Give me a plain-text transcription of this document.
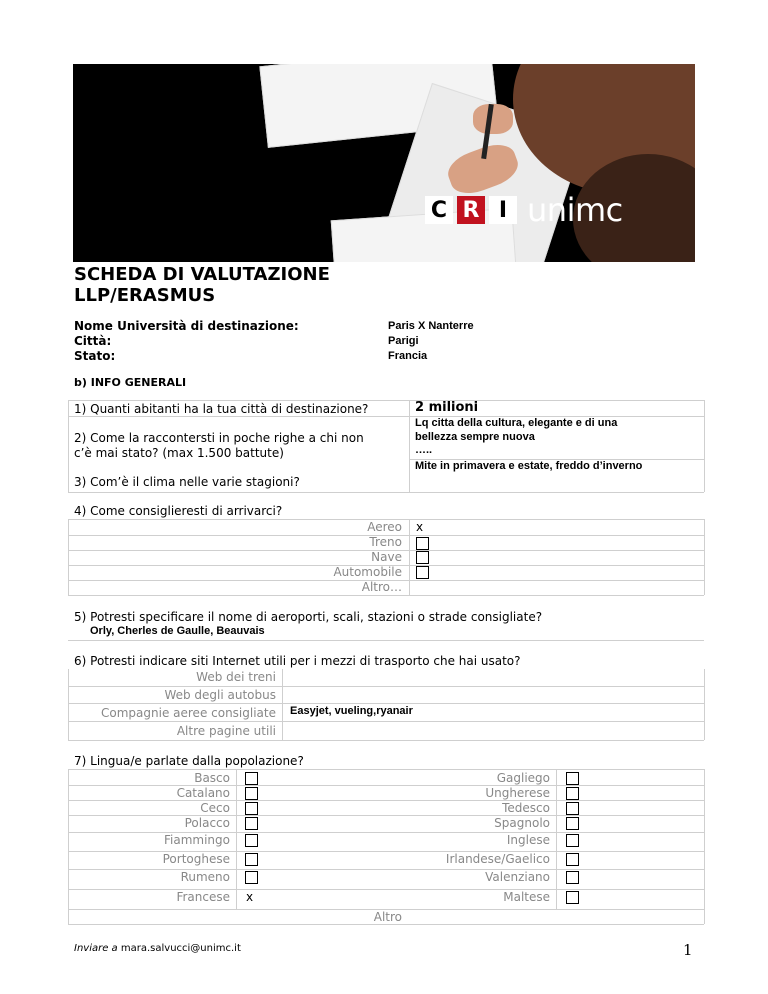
C R I unimc
SCHEDA DI VALUTAZIONE
LLP/ERASMUS
Nome Università di destinazione:
Città:
Stato:
Paris X Nanterre
Parigi
Francia
b) INFO GENERALI
1) Quanti abitanti ha la tua città di destinazione?	2 milioni
2) Come la raccontersti in poche righe a chi non
c’è mai stato? (max 1.500 battute)
Lq citta della cultura, elegante e di una
bellezza sempre nuova
…..
3) Com’è il clima nelle varie stagioni?
Mite in primavera e estate, freddo d’inverno
4) Come consiglieresti di arrivarci?
Aereo
Treno
Nave
Automobile
Altro…
x
5) Potresti specificare il nome di aeroporti, scali, stazioni o strade consigliate?
Orly, Cherles de Gaulle, Beauvais
6) Potresti indicare siti Internet utili per i mezzi di trasporto che hai usato?
Web dei treni
Web degli autobus
Compagnie aeree consigliate
Altre pagine utili
Easyjet, vueling,ryanair
7) Lingua/e parlate dalla popolazione?
Basco
Catalano
Ceco
Polacco
Fiammingo
Portoghese
Rumeno
Francese x
Gagliego
Ungherese
Tedesco
Spagnolo
Inglese
Irlandese/Gaelico
Valenziano
Maltese
Altro
Inviare a mara.salvucci@unimc.it	1
